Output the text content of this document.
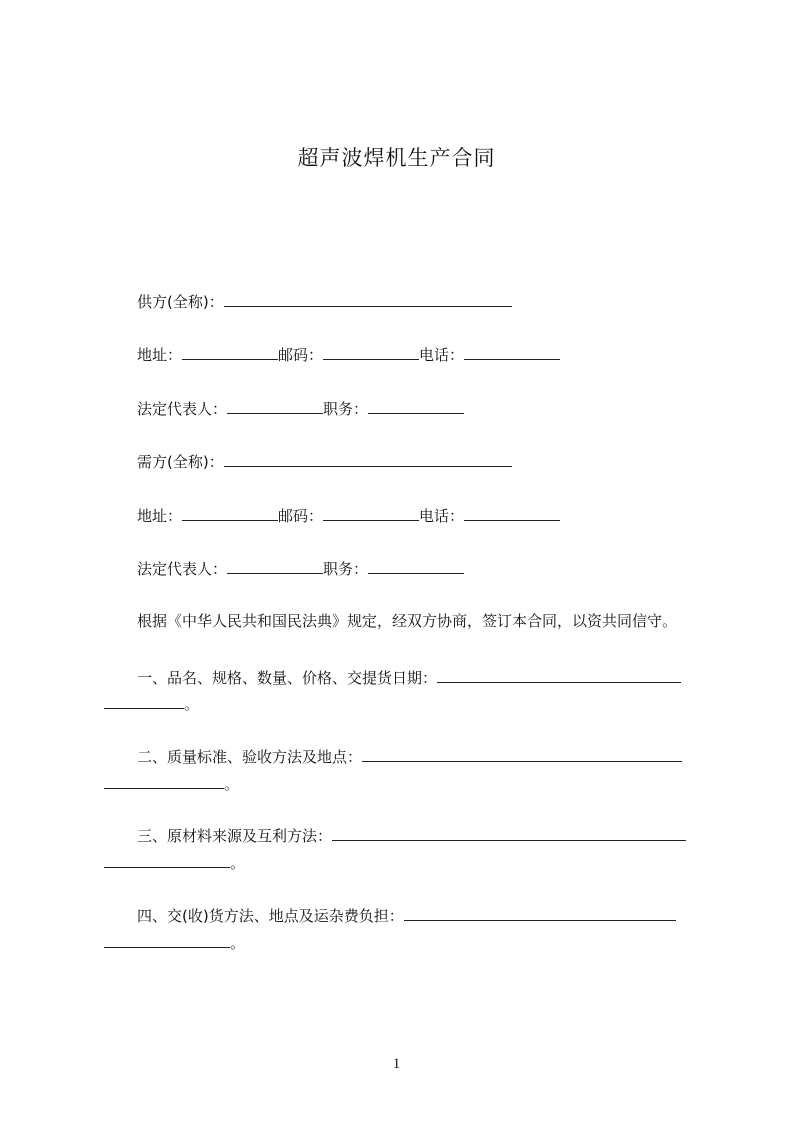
超声波焊机生产合同
供方(全称)：
地址：	邮码：	电话：
法定代表人：	职务：
需方(全称)：
地址：	邮码：	电话：
法定代表人：	职务：
根据《中华人民共和国民法典》规定，经双方协商，签订本合同，以资共同信守。
一、品名、规格、数量、价格、交提货日期：
。
二、质量标准、验收方法及地点：
。
三、原材料来源及互利方法：
。
四、交(收)货方法、地点及运杂费负担：
。
1
